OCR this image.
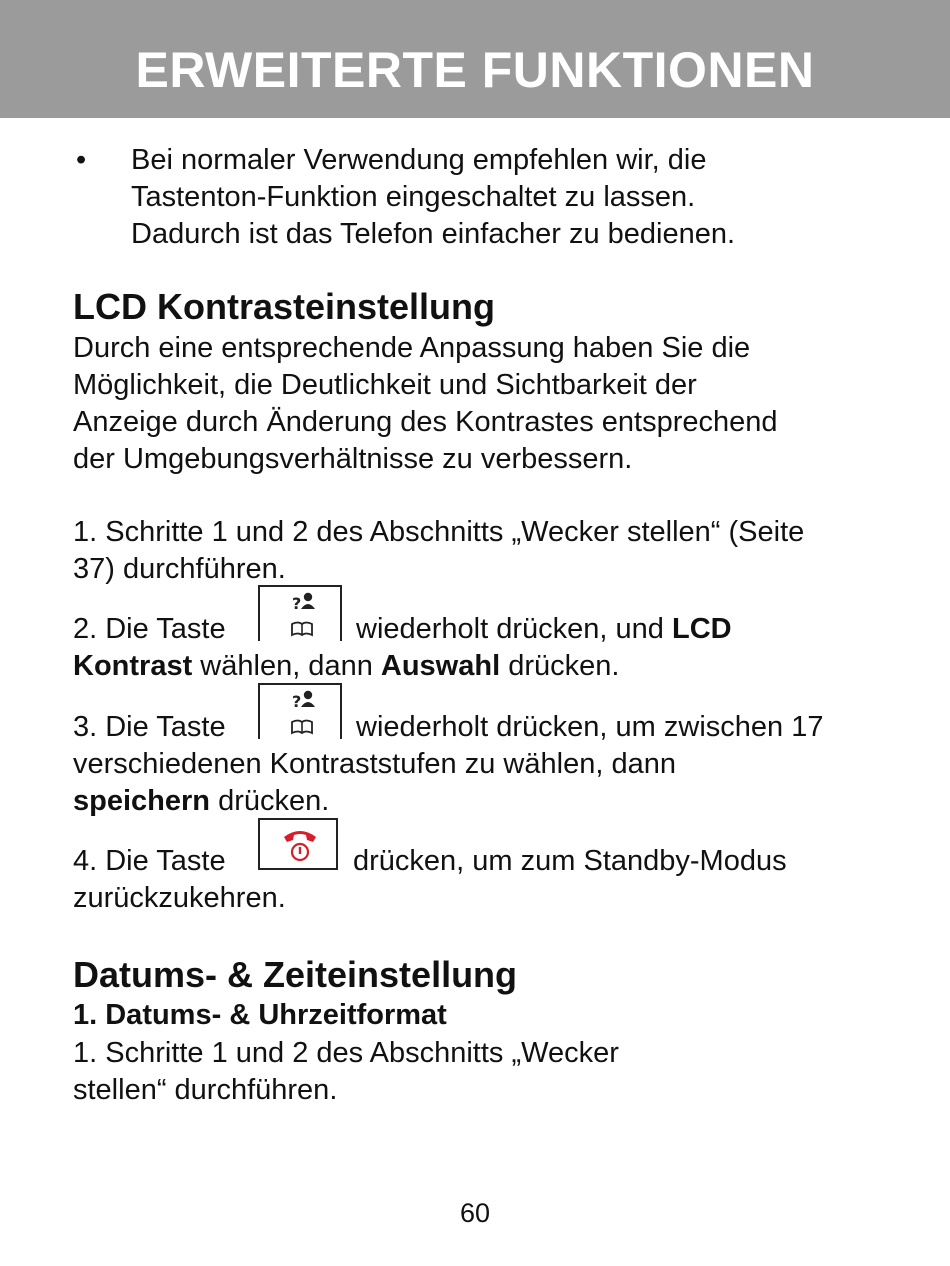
ERWEITERTE FUNKTIONEN
• Bei normaler Verwendung empfehlen wir, die
Tastenton-Funktion eingeschaltet zu lassen.
Dadurch ist das Telefon einfacher zu bedienen.
LCD Kontrasteinstellung
Durch eine entsprechende Anpassung haben Sie die
Möglichkeit, die Deutlichkeit und Sichtbarkeit der
Anzeige durch Änderung des Kontrastes entsprechend
der Umgebungsverhältnisse zu verbessern.
1. Schritte 1 und 2 des Abschnitts „Wecker stellen“ (Seite
37) durchführen.
2. Die Taste
?
wiederholt drücken, und LCD
Kontrast wählen, dann Auswahl drücken.
3. Die Taste
?
wiederholt drücken, um zwischen 17
verschiedenen Kontraststufen zu wählen, dann
speichern drücken.
4. Die Taste	drücken, um zum Standby-Modus
zurückzukehren.
Datums- & Zeiteinstellung
1. Datums- & Uhrzeitformat
1. Schritte 1 und 2 des Abschnitts „Wecker
stellen“ durchführen.
60
